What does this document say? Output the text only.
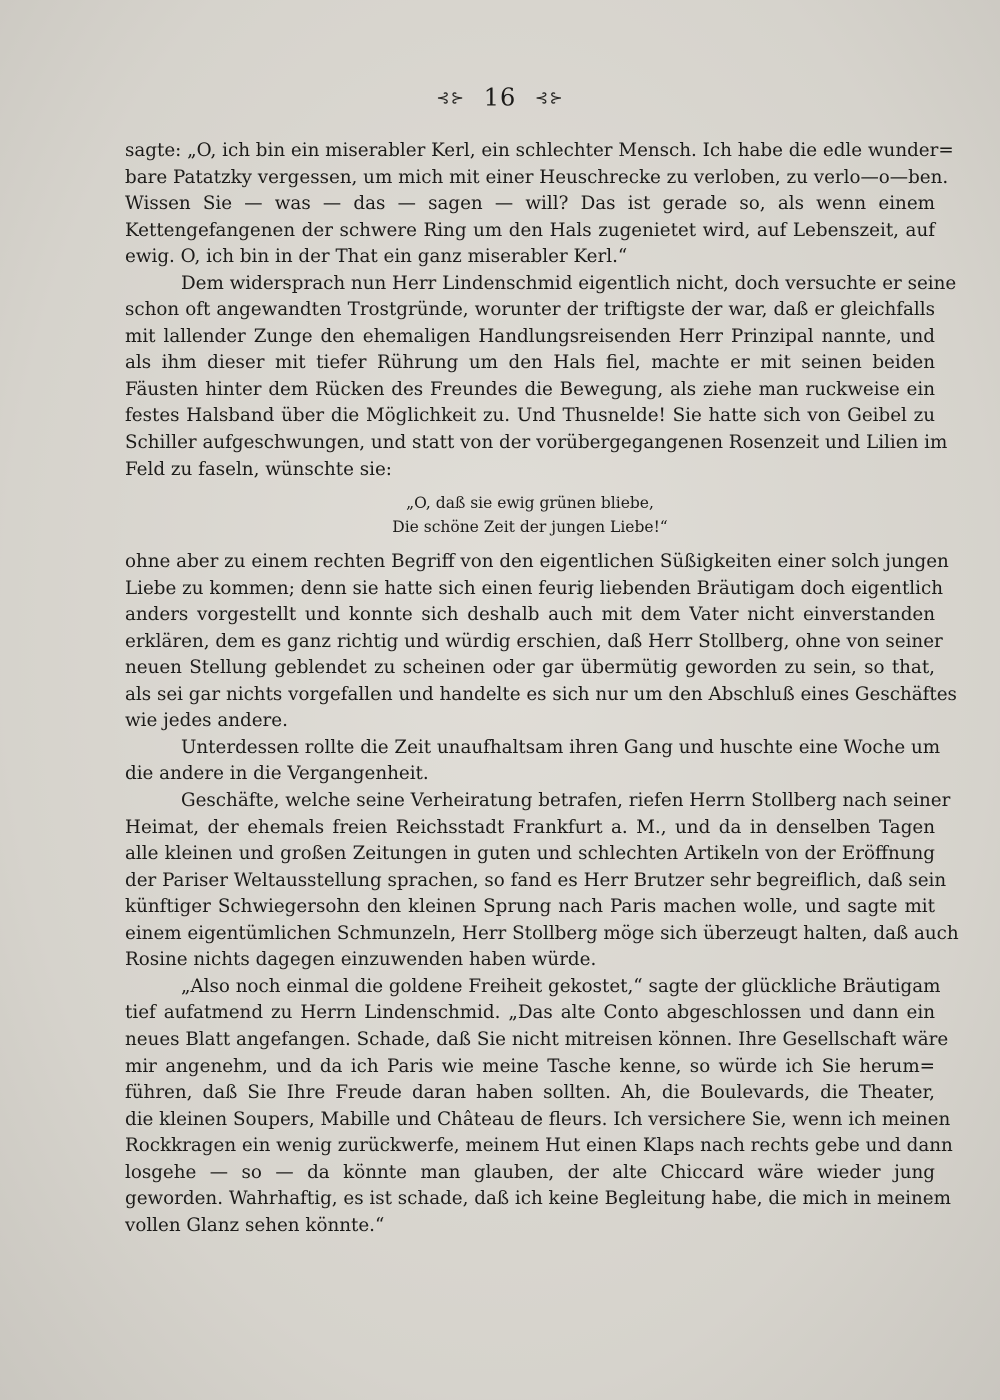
⊰⊱ 16 ⊰⊱
sagte: „O, ich bin ein miserabler Kerl, ein schlechter Mensch. Ich habe die edle wunder=
bare Patatzky vergessen, um mich mit einer Heuschrecke zu verloben, zu verlo—o—ben.
Wissen Sie — was — das — sagen — will? Das ist gerade so, als wenn einem
Kettengefangenen der schwere Ring um den Hals zugenietet wird, auf Lebenszeit, auf
ewig. O, ich bin in der That ein ganz miserabler Kerl.“
Dem widersprach nun Herr Lindenschmid eigentlich nicht, doch versuchte er seine
schon oft angewandten Trostgründe, worunter der triftigste der war, daß er gleichfalls
mit lallender Zunge den ehemaligen Handlungsreisenden Herr Prinzipal nannte, und
als ihm dieser mit tiefer Rührung um den Hals fiel, machte er mit seinen beiden
Fäusten hinter dem Rücken des Freundes die Bewegung, als ziehe man ruckweise ein
festes Halsband über die Möglichkeit zu. Und Thusnelde! Sie hatte sich von Geibel zu
Schiller aufgeschwungen, und statt von der vorübergegangenen Rosenzeit und Lilien im
Feld zu faseln, wünschte sie:
„O, daß sie ewig grünen bliebe,
Die schöne Zeit der jungen Liebe!“
ohne aber zu einem rechten Begriff von den eigentlichen Süßigkeiten einer solch jungen
Liebe zu kommen; denn sie hatte sich einen feurig liebenden Bräutigam doch eigentlich
anders vorgestellt und konnte sich deshalb auch mit dem Vater nicht einverstanden
erklären, dem es ganz richtig und würdig erschien, daß Herr Stollberg, ohne von seiner
neuen Stellung geblendet zu scheinen oder gar übermütig geworden zu sein, so that,
als sei gar nichts vorgefallen und handelte es sich nur um den Abschluß eines Geschäftes
wie jedes andere.
Unterdessen rollte die Zeit unaufhaltsam ihren Gang und huschte eine Woche um
die andere in die Vergangenheit.
Geschäfte, welche seine Verheiratung betrafen, riefen Herrn Stollberg nach seiner
Heimat, der ehemals freien Reichsstadt Frankfurt a. M., und da in denselben Tagen
alle kleinen und großen Zeitungen in guten und schlechten Artikeln von der Eröffnung
der Pariser Weltausstellung sprachen, so fand es Herr Brutzer sehr begreiflich, daß sein
künftiger Schwiegersohn den kleinen Sprung nach Paris machen wolle, und sagte mit
einem eigentümlichen Schmunzeln, Herr Stollberg möge sich überzeugt halten, daß auch
Rosine nichts dagegen einzuwenden haben würde.
„Also noch einmal die goldene Freiheit gekostet,“ sagte der glückliche Bräutigam
tief aufatmend zu Herrn Lindenschmid. „Das alte Conto abgeschlossen und dann ein
neues Blatt angefangen. Schade, daß Sie nicht mitreisen können. Ihre Gesellschaft wäre
mir angenehm, und da ich Paris wie meine Tasche kenne, so würde ich Sie herum=
führen, daß Sie Ihre Freude daran haben sollten. Ah, die Boulevards, die Theater,
die kleinen Soupers, Mabille und Château de fleurs. Ich versichere Sie, wenn ich meinen
Rockkragen ein wenig zurückwerfe, meinem Hut einen Klaps nach rechts gebe und dann
losgehe — so — da könnte man glauben, der alte Chiccard wäre wieder jung
geworden. Wahrhaftig, es ist schade, daß ich keine Begleitung habe, die mich in meinem
vollen Glanz sehen könnte.“
